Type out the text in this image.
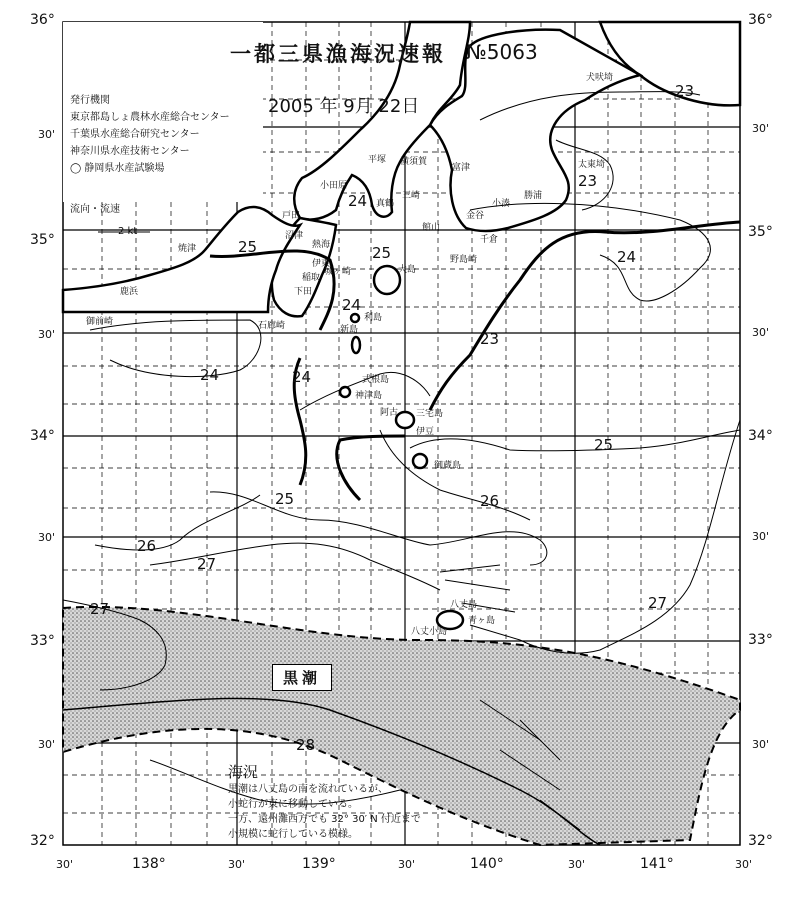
一都三県漁海況速報 №5063
2005 年 9月 22日
発行機関
東京都島しょ農林水産総合センター
千葉県水産総合研究センター
神奈川県水産技術センター
◯ 静岡県水産試験場
流向・流速
2 kt
36°
30'
35°
30'
34°
30'
33°
30'
32°
36°
30'
35°
30'
34°
30'
33°
30'
32°
30'	138°	30'	139°	30'	140°	30'	141°	30'
23
23
24
25
24
25
24
24	24
23
25
25	26
26
27
27	27
28
犬吠埼
太東埼
勝浦
小湊
平塚 横須賀
富津
小田原
真鶴
三崎
館山
千倉
野島崎
熱海
伊東
稲取
下田
大島
利島
新島
式根島
神津島
三宅島
御蔵島
阿古
伊豆
八丈島
八丈小島
青ヶ島
焼津
御前崎
沼津
城ヶ崎
石廊崎
戸田
鹿浜
金谷
黒潮
海況
黒潮は八丈島の南を流れているが、
小蛇行が東に移動している。
一方、遠州灘西方でも 32° 30′ N 付近まで
小規模に蛇行している模様。
